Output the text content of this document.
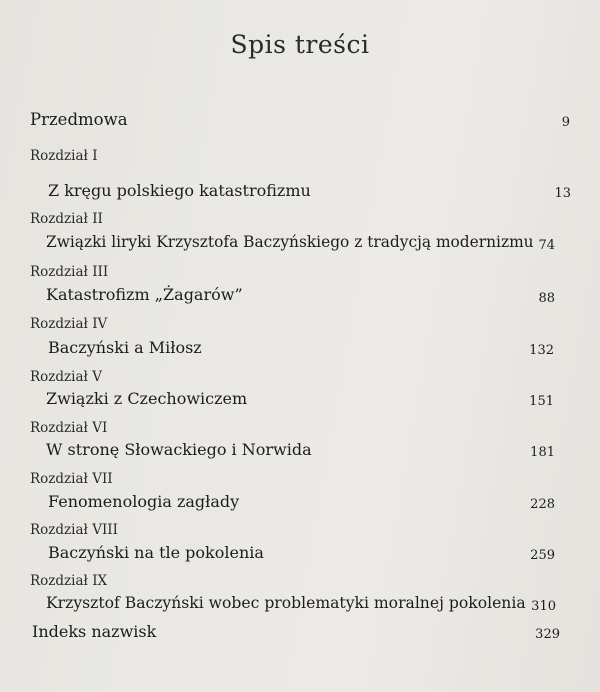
Spis treści
Przedmowa	9
Rozdział I
Z kręgu polskiego katastrofizmu	13
Rozdział II
Związki liryki Krzysztofa Baczyńskiego z tradycją modernizmu 74
Rozdział III
Katastrofizm „Żagarów”	88
Rozdział IV
Baczyński a Miłosz	132
Rozdział V
Związki z Czechowiczem	151
Rozdział VI
W stronę Słowackiego i Norwida	181
Rozdział VII
Fenomenologia zagłady	228
Rozdział VIII
Baczyński na tle pokolenia	259
Rozdział IX
Krzysztof Baczyński wobec problematyki moralnej pokolenia 310
Indeks nazwisk	329
